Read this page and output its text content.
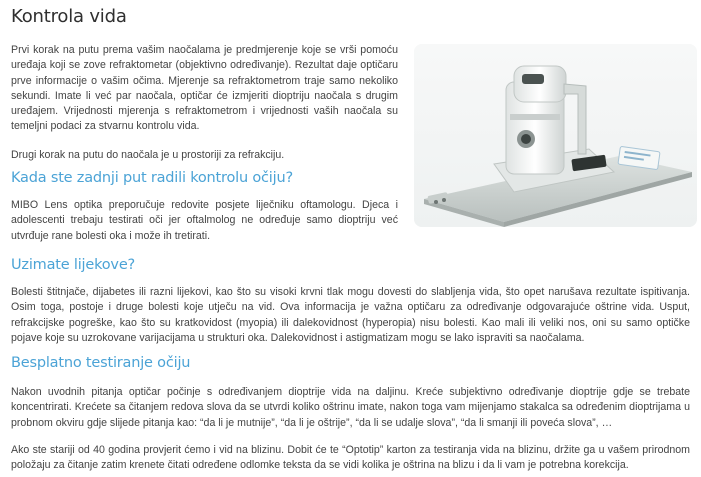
Kontrola vida

Prvi korak na putu prema vašim naočalama je predmjerenje koje se vrši pomoću uređaja koji se zove refraktometar (objektivno određivanje). Rezultat daje optičaru prve informacije o vašim očima. Mjerenje sa refraktometrom traje samo nekoliko sekundi. Imate li već par naočala, optičar će izmjeriti dioptriju naočala s drugim uređajem. Vrijednosti mjerenja s refraktometrom i vrijednosti vaših naočala su temeljni podaci za stvarnu kontrolu vida.

Drugi korak na putu do naočala je u prostoriji za refrakciju.

Kada ste zadnji put radili kontrolu očiju?

MIBO Lens optika preporučuje redovite posjete liječniku oftamologu. Djeca i adolescenti trebaju testirati oči jer oftalmolog ne određuje samo dioptriju već utvrđuje rane bolesti oka i može ih tretirati.

Uzimate lijekove?

Bolesti štitnjače, dijabetes ili razni lijekovi, kao što su visoki krvni tlak mogu dovesti do slabljenja vida, što opet narušava rezultate ispitivanja. Osim toga, postoje i druge bolesti koje utječu na vid. Ova informacija je važna optičaru za određivanje odgovarajuće oštrine vida. Usput, refrakcijske pogreške, kao što su kratkovidost (myopia) ili dalekovidnost (hyperopia) nisu bolesti. Kao mali ili veliki nos, oni su samo optičke pojave koje su uzrokovane varijacijama u strukturi oka. Dalekovidnost i astigmatizam mogu se lako ispraviti sa naočalama.

Besplatno testiranje očiju

Nakon uvodnih pitanja optičar počinje s određivanjem dioptrije vida na daljinu. Kreće subjektivno određivanje dioptrije gdje se trebate koncentrirati. Krećete sa čitanjem redova slova da se utvrdi koliko oštrinu imate, nakon toga vam mijenjamo stakalca sa određenim dioptrijama u probnom okviru gdje slijede pitanja kao: “da li je mutnije”, “da li je oštrije”, “da li se udalje slova”, “da li smanji ili poveća slova”, …

Ako ste stariji od 40 godina provjerit ćemo i vid na blizinu. Dobit će te “Optotip” karton za testiranja vida na blizinu, držite ga u vašem prirodnom položaju za čitanje zatim krenete čitati određene odlomke teksta da se vidi kolika je oštrina na blizu i da li vam je potrebna korekcija.
